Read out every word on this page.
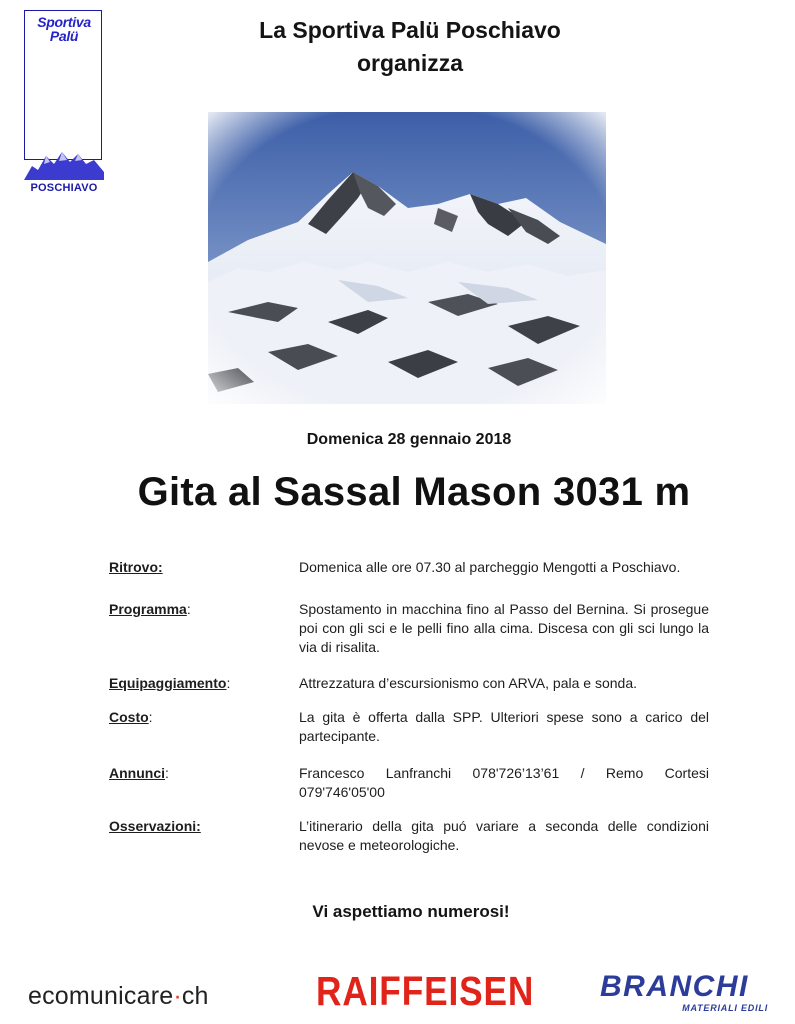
Sportiva
Palü
POSCHIAVO
La Sportiva Palü Poschiavo
organizza
Domenica 28 gennaio 2018
Gita al Sassal Mason 3031 m
Ritrovo:	Domenica alle ore 07.30 al parcheggio Mengotti a Poschiavo.
Programma:	Spostamento in macchina fino al Passo del Bernina. Si prosegue poi con gli sci e le pelli fino alla cima. Discesa con gli sci lungo la via di risalita.
Equipaggiamento:	Attrezzatura d’escursionismo con ARVA, pala e sonda.
Costo:	La gita è offerta dalla SPP. Ulteriori spese sono a carico del partecipante.
Annunci:	Francesco Lanfranchi 078'726’13’61 / Remo Cortesi 079'746'05'00
Osservazioni:	L’itinerario della gita puó variare a seconda delle condizioni nevose e meteorologiche.
Vi aspettiamo numerosi!
ecomunicare·ch	RAIFFEISEN BRANCHI
MATERIALI EDILI
